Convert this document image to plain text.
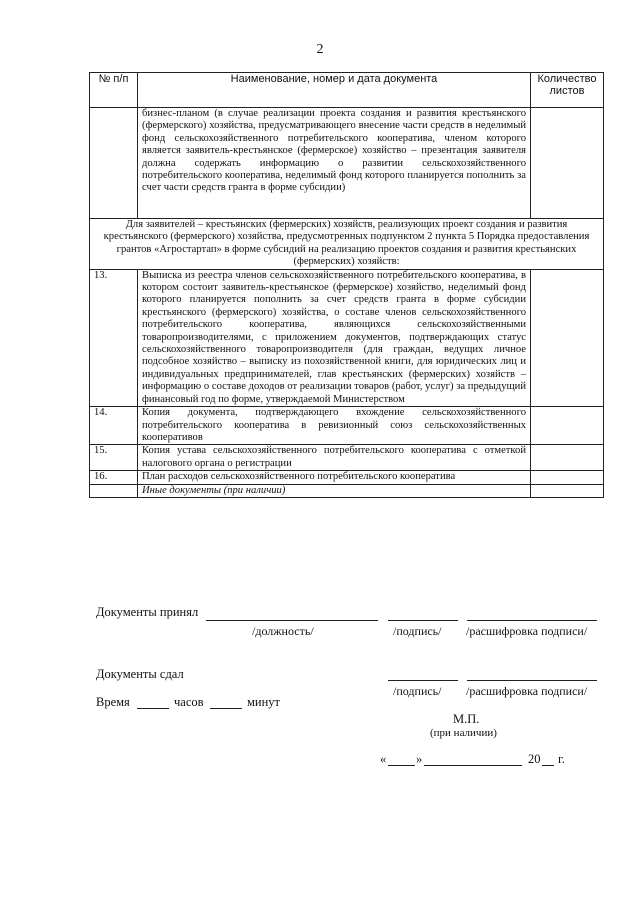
2
№ п/п	Наименование, номер и дата документа	Количество листов
	бизнес-планом (в случае реализации проекта создания и развития крестьянского (фермерского) хозяйства, предусматривающего внесение части средств в неделимый фонд сельскохозяйственного потребительского кооператива, членом которого является заявитель-крестьянское (фермерское) хозяйство – презентация заявителя должна содержать информацию о развитии сельскохозяйственного потребительского кооператива, неделимый фонд которого планируется пополнить за счет части средств гранта в форме субсидии)	
Для заявителей – крестьянских (фермерских) хозяйств, реализующих проект создания и развития крестьянского (фермерского) хозяйства, предусмотренных подпунктом 2 пункта 5 Порядка предоставления грантов «Агростартап» в форме субсидий на реализацию проектов создания и развития крестьянских (фермерских) хозяйств:		
13.	Выписка из реестра членов сельскохозяйственного потребительского кооператива, в котором состоит заявитель-крестьянское (фермерское) хозяйство, неделимый фонд которого планируется пополнить за счет средств гранта в форме субсидии крестьянского (фермерского) хозяйства, о составе членов сельскохозяйственного потребительского кооператива, являющихся сельскохозяйственными товаропроизводителями, с приложением документов, подтверждающих статус сельскохозяйственного товаропроизводителя (для граждан, ведущих личное подсобное хозяйство – выписку из похозяйственной книги, для юридических лиц и индивидуальных предпринимателей, глав крестьянских (фермерских) хозяйств – информацию о составе доходов от реализации товаров (работ, услуг) за предыдущий финансовый год по форме, утверждаемой Министерством	
14.	Копия документа, подтверждающего вхождение сельскохозяйственного потребительского кооператива в ревизионный союз сельскохозяйственных кооперативов	
15.	Копия устава сельскохозяйственного потребительского кооператива с отметкой налогового органа о регистрации	
16.	План расходов сельскохозяйственного потребительского кооператива	
	Иные документы (при наличии)	
Документы принял
/должность/	/подпись/ /расшифровка подписи/
Документы сдал
/подпись/ /расшифровка подписи/
Время	часов	минут
М.П.
(при наличии)
« »	20 г.
